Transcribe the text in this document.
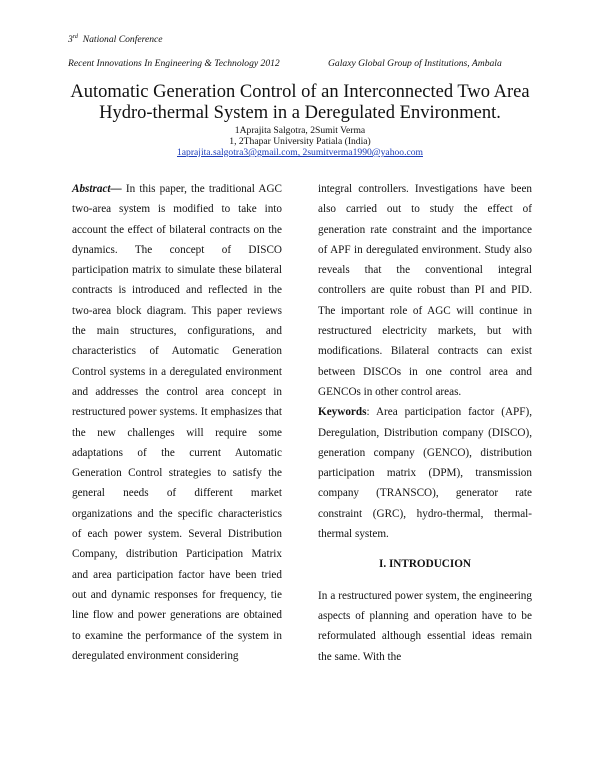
3rd National Conference
Recent Innovations In Engineering & Technology 2012	Galaxy Global Group of Institutions, Ambala
Automatic Generation Control of an Interconnected Two Area
Hydro-thermal System in a Deregulated Environment.
1Aprajita Salgotra, 2Sumit Verma
1, 2Thapar University Patiala (India)
1aprajita.salgotra3@gmail.com, 2sumitverma1990@yahoo.com

Abstract— In this paper, the traditional AGC two-area system is modified to take into account the effect of bilateral contracts on the dynamics. The concept of DISCO participation matrix to simulate these bilateral contracts is introduced and reflected in the two-area block diagram. This paper reviews the main structures, configurations, and characteristics of Automatic Generation Control systems in a deregulated environment and addresses the control area concept in restructured power systems. It emphasizes that the new challenges will require some adaptations of the current Automatic Generation Control strategies to satisfy the general needs of different market organizations and the specific characteristics of each power system. Several Distribution Company, distribution Participation Matrix and area participation factor have been tried out and dynamic responses for frequency, tie line flow and power generations are obtained to examine the performance of the system in deregulated environment considering

integral controllers. Investigations have been also carried out to study the effect of generation rate constraint and the importance of APF in deregulated environment. Study also reveals that the conventional integral controllers are quite robust than PI and PID. The important role of AGC will continue in restructured electricity markets, but with modifications. Bilateral contracts can exist between DISCOs in one control area and GENCOs in other control areas.

Keywords: Area participation factor (APF), Deregulation, Distribution company (DISCO), generation company (GENCO), distribution participation matrix (DPM), transmission company (TRANSCO), generator rate constraint (GRC), hydro-thermal, thermal-thermal system.

I. INTRODUCION

In a restructured power system, the engineering aspects of planning and operation have to be reformulated although essential ideas remain the same. With the
